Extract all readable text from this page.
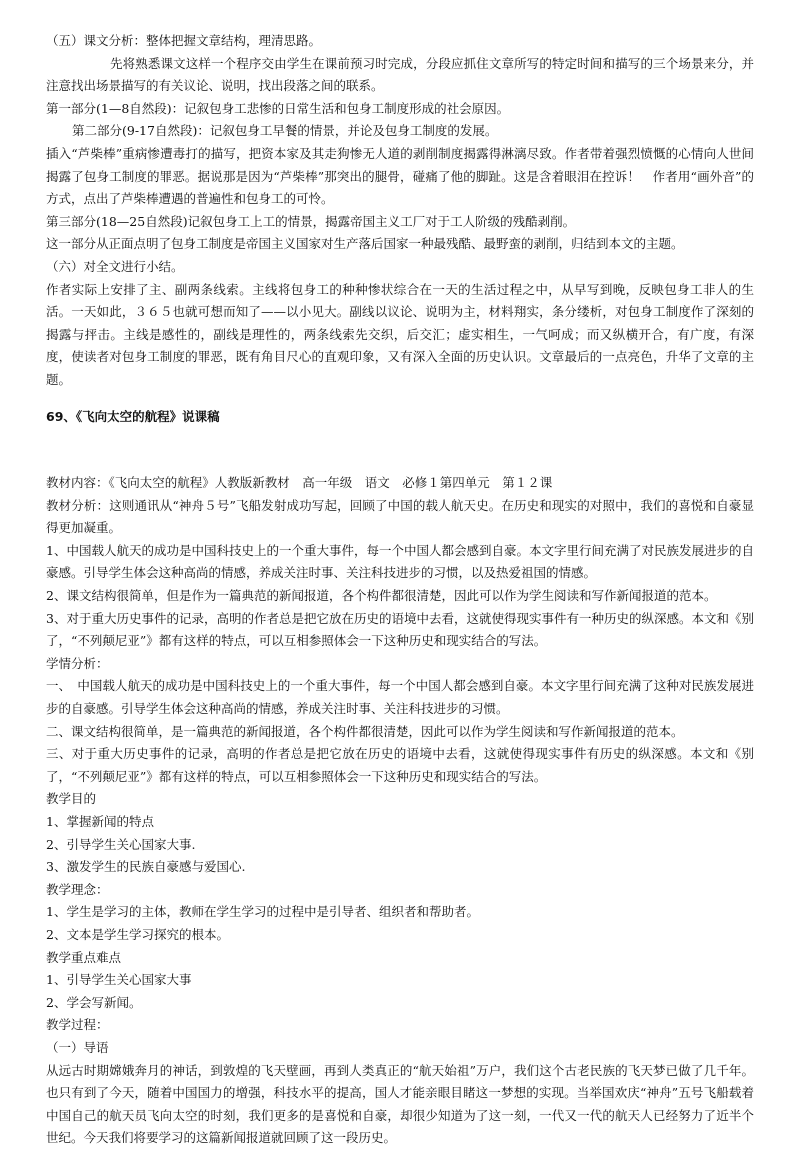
（五）课文分析：整体把握文章结构，理清思路。

先将熟悉课文这样一个程序交由学生在课前预习时完成，分段应抓住文章所写的特定时间和描写的三个场景来分，并注意找出场景描写的有关议论、说明，找出段落之间的联系。

第一部分(1—8自然段)：记叙包身工悲惨的日常生活和包身工制度形成的社会原因。

第二部分(9-17自然段)：记叙包身工早餐的情景，并论及包身工制度的发展。

插入“芦柴棒”重病惨遭毒打的描写，把资本家及其走狗惨无人道的剥削制度揭露得淋漓尽致。作者带着强烈愤慨的心情向人世间揭露了包身工制度的罪恶。据说那是因为“芦柴棒”那突出的腿骨，碰痛了他的脚趾。这是含着眼泪在控诉！　作者用“画外音”的方式，点出了芦柴棒遭遇的普遍性和包身工的可怜。

第三部分(18—25自然段)记叙包身工上工的情景，揭露帝国主义工厂对于工人阶级的残酷剥削。

这一部分从正面点明了包身工制度是帝国主义国家对生产落后国家一种最残酷、最野蛮的剥削，归结到本文的主题。

（六）对全文进行小结。

作者实际上安排了主、副两条线索。主线将包身工的种种惨状综合在一天的生活过程之中，从早写到晚，反映包身工非人的生活。一天如此，３６５也就可想而知了——以小见大。副线以议论、说明为主，材料翔实，条分缕析，对包身工制度作了深刻的揭露与抨击。主线是感性的，副线是理性的，两条线索先交织，后交汇；虚实相生，一气呵成；而又纵横开合，有广度，有深度，使读者对包身工制度的罪恶，既有角目尺心的直观印象，又有深入全面的历史认识。文章最后的一点亮色，升华了文章的主题。

69、《飞向太空的航程》说课稿

教材内容：《飞向太空的航程》人教版新教材　高一年级　语文　必修１第四单元　第１２课

教材分析：这则通讯从“神舟５号”飞船发射成功写起，回顾了中国的载人航天史。在历史和现实的对照中，我们的喜悦和自豪显得更加凝重。

1、中国载人航天的成功是中国科技史上的一个重大事件，每一个中国人都会感到自豪。本文字里行间充满了对民族发展进步的自豪感。引导学生体会这种高尚的情感，养成关注时事、关注科技进步的习惯，以及热爱祖国的情感。

2、课文结构很简单，但是作为一篇典范的新闻报道，各个构件都很清楚，因此可以作为学生阅读和写作新闻报道的范本。

3、对于重大历史事件的记录，高明的作者总是把它放在历史的语境中去看，这就使得现实事件有一种历史的纵深感。本文和《别了，“不列颠尼亚”》都有这样的特点，可以互相参照体会一下这种历史和现实结合的写法。

学情分析：

一、　中国载人航天的成功是中国科技史上的一个重大事件，每一个中国人都会感到自豪。本文字里行间充满了这种对民族发展进步的自豪感。引导学生体会这种高尚的情感，养成关注时事、关注科技进步的习惯。

二、课文结构很简单，是一篇典范的新闻报道，各个构件都很清楚，因此可以作为学生阅读和写作新闻报道的范本。

三、对于重大历史事件的记录，高明的作者总是把它放在历史的语境中去看，这就使得现实事件有历史的纵深感。本文和《别了，“不列颠尼亚”》都有这样的特点，可以互相参照体会一下这种历史和现实结合的写法。

教学目的

1、掌握新闻的特点

2、引导学生关心国家大事.

3、激发学生的民族自豪感与爱国心.

教学理念：

1、学生是学习的主体，教师在学生学习的过程中是引导者、组织者和帮助者。

2、文本是学生学习探究的根本。

教学重点难点

1、引导学生关心国家大事

2、学会写新闻。

教学过程：

（一）导语

从远古时期嫦娥奔月的神话，到敦煌的飞天壁画，再到人类真正的“航天始祖”万户，我们这个古老民族的飞天梦已做了几千年。也只有到了今天，随着中国国力的增强，科技水平的提高，国人才能亲眼目睹这一梦想的实现。当举国欢庆“神舟”五号飞船载着中国自己的航天员飞向太空的时刻，我们更多的是喜悦和自豪，却很少知道为了这一刻，一代又一代的航天人已经努力了近半个世纪。今天我们将要学习的这篇新闻报道就回顾了这一段历史。
